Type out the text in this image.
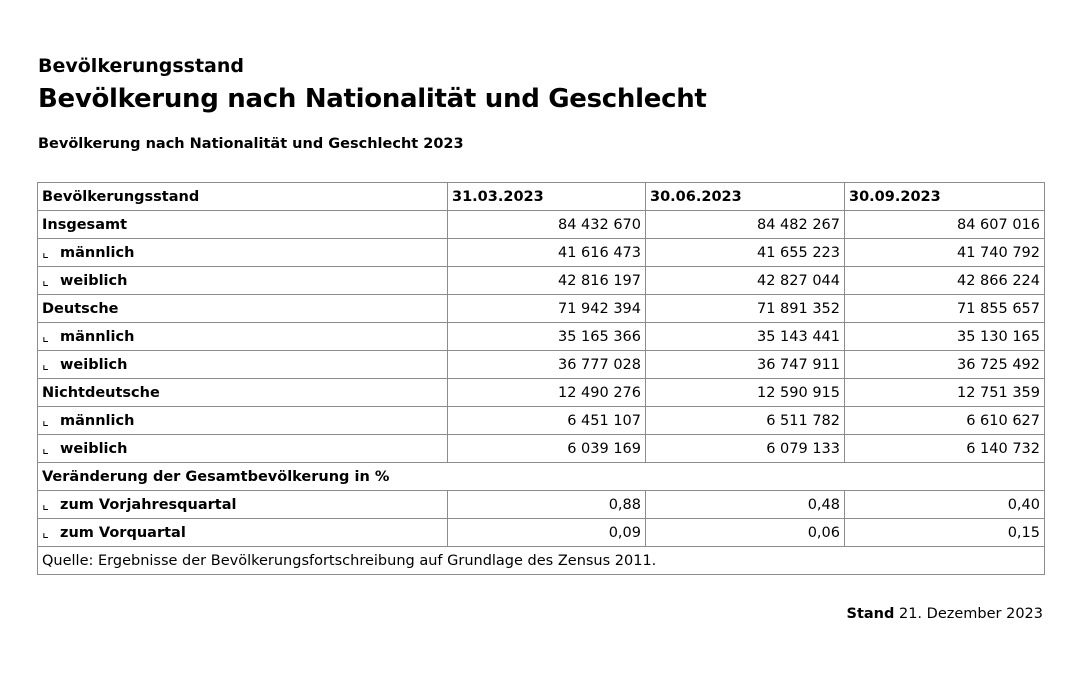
Bevölkerungsstand
Bevölkerung nach Nationalität und Geschlecht
Bevölkerung nach Nationalität und Geschlecht 2023
Bevölkerungsstand	31.03.2023	30.06.2023	30.09.2023
Insgesamt	84 432 670	84 482 267	84 607 016
⌞ männlich	41 616 473	41 655 223	41 740 792
⌞ weiblich	42 816 197	42 827 044	42 866 224
Deutsche	71 942 394	71 891 352	71 855 657
⌞ männlich	35 165 366	35 143 441	35 130 165
⌞ weiblich	36 777 028	36 747 911	36 725 492
Nichtdeutsche	12 490 276	12 590 915	12 751 359
⌞ männlich	6 451 107	6 511 782	6 610 627
⌞ weiblich	6 039 169	6 079 133	6 140 732
Veränderung der Gesamtbevölkerung in %			
⌞ zum Vorjahresquartal	0,88	0,48	0,40
⌞ zum Vorquartal	0,09	0,06	0,15
Quelle: Ergebnisse der Bevölkerungsfortschreibung auf Grundlage des Zensus 2011.			
Stand 21. Dezember 2023
